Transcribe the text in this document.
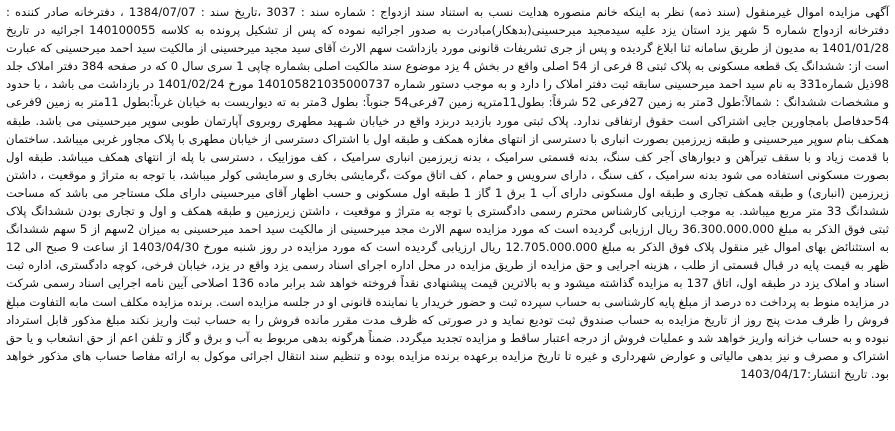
آگهی مزایده اموال غیرمنقول (سند ذمه) نظر به اینکه خانم منصوره هدایت نسب به استناد سند ازدواج : شماره سند : 3037 ،تاریخ سند : 1384/07/07 ، دفترخانه صادر کننده : دفترخانه ازدواج شماره 5 شهر یزد استان یزد علیه سیدمجید میرحسینی(بدهکار)مبادرت به صدور اجرائیه نموده که پس از تشکیل پرونده به کلاسه 140100055 اجرائیه در تاریخ 1401/01/28 به مدیون از طریق سامانه ثنا ابلاغ گردیده و پس از جری تشریفات قانونی مورد بازداشت سهم الارث آقای سید مجید میرحسینی از مالکیت سید احمد میرحسینی که عبارت است از: ششدانگ یک قطعه مسکونی به پلاک ثبتی 8 فرعی از 54 اصلی واقع در بخش 4 یزد موضوع سند مالکیت اصلی بشماره چاپی 1 سری سال 0 که در صفحه 384 دفتر املاک جلد 98ذیل شماره331 به نام سید احمد میرحسینی سابقه ثبت دفتر املاک را دارد و به موجب دستور شماره 140105821035000737 مورخ 1401/02/24 در بازداشت می باشد ، با حدود و مشخصات ششدانگ : شمالاً:طول 3متر به زمین 27فرعی 52 شرقاً: بطول11مترپه زمین 7فرعی54 جنوباً: بطول 3متر به ته دیواریست به خیابان غرباً:بطول 11متر به زمین 9فرعی 54حدفاصل بامجاورین جایی اشتراکی است حقوق ارتفاقی ندارد. پلاک ثبتی مورد بازدید دربزد واقع در خیابان شـهید مطهری روبروی آپارتمان طوبی سوپر میرحسینی می باشد. طبقه همکف بنام سوپر میرحسینی و طبقه زیرزمین بصورت انباری با دسترسی از انتهای مغازه همکف و طبقه اول با اشتراک دسترسی از خیابان مطهری با پلاک مجاور غربی میباشد. ساختمان با قدمت زیاد و با سقف تیرآهن و دیوارهای آجر کف سنگ، بدنه قسمتی سرامیک ، بدنه زیرزمین انباری سرامیک ، کف موزاییک ، دسترسی با پله از انتهای همکف میباشد. طبقه اول بصورت مسکونی استفاده می شود بدنه سرامیک ، کف سنگ ، دارای سرویس و حمام ، کف اتاق موکت ،گرمایشی بخاری و سرمایشی کولر میباشد، با توجه به متراژ و موقعیت ، داشتن زیرزمین (انباری) و طبقه همکف تجاری و طبقه اول مسکونی دارای آب 1 برق 1 گاز 1 طبقه اول مسکونی و حسب اظهار آقای میرحسینی دارای ملک مستاجر می باشد که مساحت ششدانگ 33 متر مربع میباشد. به موجب ارزیابی کارشناس محترم رسمی دادگستری با توجه به متراژ و موقعیت ، داشتن زیرزمین و طبقه همکف و اول و تجاری بودن ششدانگ پلاک ثبتی فوق الذکر به مبلغ 36.300.000.000 ریال ارزیابی گردیده است که مورد مزایده سهم الارث مجد میرحسینی از مالکیت سید احمد میرحسینی به میزان 2سهم از 5 سهم ششدانگ به استثنائض بهای اموال غیر منقول پلاک فوق الذکر به مبلغ 12.705.000.000 ریال ارزیابی گردیده است که مورد مزایده در روز شنبه مورخ 1403/04/30 از ساعت 9 صبح الی 12 ظهر به قیمت پایه در قبال قسمتی از طلب ، هزینه اجرایی و حق مزایده از طریق مزایده در محل اداره اجرای اسناد رسمی یزد واقع در یزد، خیابان فرخی، کوچه دادگستری، اداره ثبت اسناد و املاک یزد در طبقه اول، اتاق 137 به مزایده گذاشته میشود و به بالاترین قیمت پیشنهادی نقداً فروخته خواهد شد برابر ماده 136 اصلاحی آیین نامه اجرایی اسناد رسمی شرکت در مزایده منوط به پرداخت ده درصد از مبلغ پایه کارشناسی به حساب سپرده ثبت و حضور خریدار یا نماینده قانونی او در جلسه مزایده است. برنده مزایده مکلف است مابه التفاوت مبلغ فروش را ظرف مدت پنج روز از تاریخ مزایده به حساب صندوق ثبت تودیع نماید و در صورتی که ظرف مدت مقرر مانده فروش را به حساب ثبت واریز نکند مبلغ مذکور قابل استرداد نبوده و به حساب خزانه واریز خواهد شد و عملیات فروش از درجه اعتبار ساقط و مزایده تجدید میگردد. ضمناً هرگونه بدهی مربوط به آب و برق و گاز و تلفن اعم از حق انشعاب و یا حق اشتراک و مصرف و نیز بدهی مالیاتی و عوارض شهرداری و غیره تا تاریخ مزایده برعهده برنده مزایده بوده و تنظیم سند انتقال اجرائی موکول به ارائه مفاصا حساب های مذکور خواهد بود. تاریخ انتشار:1403/04/17
